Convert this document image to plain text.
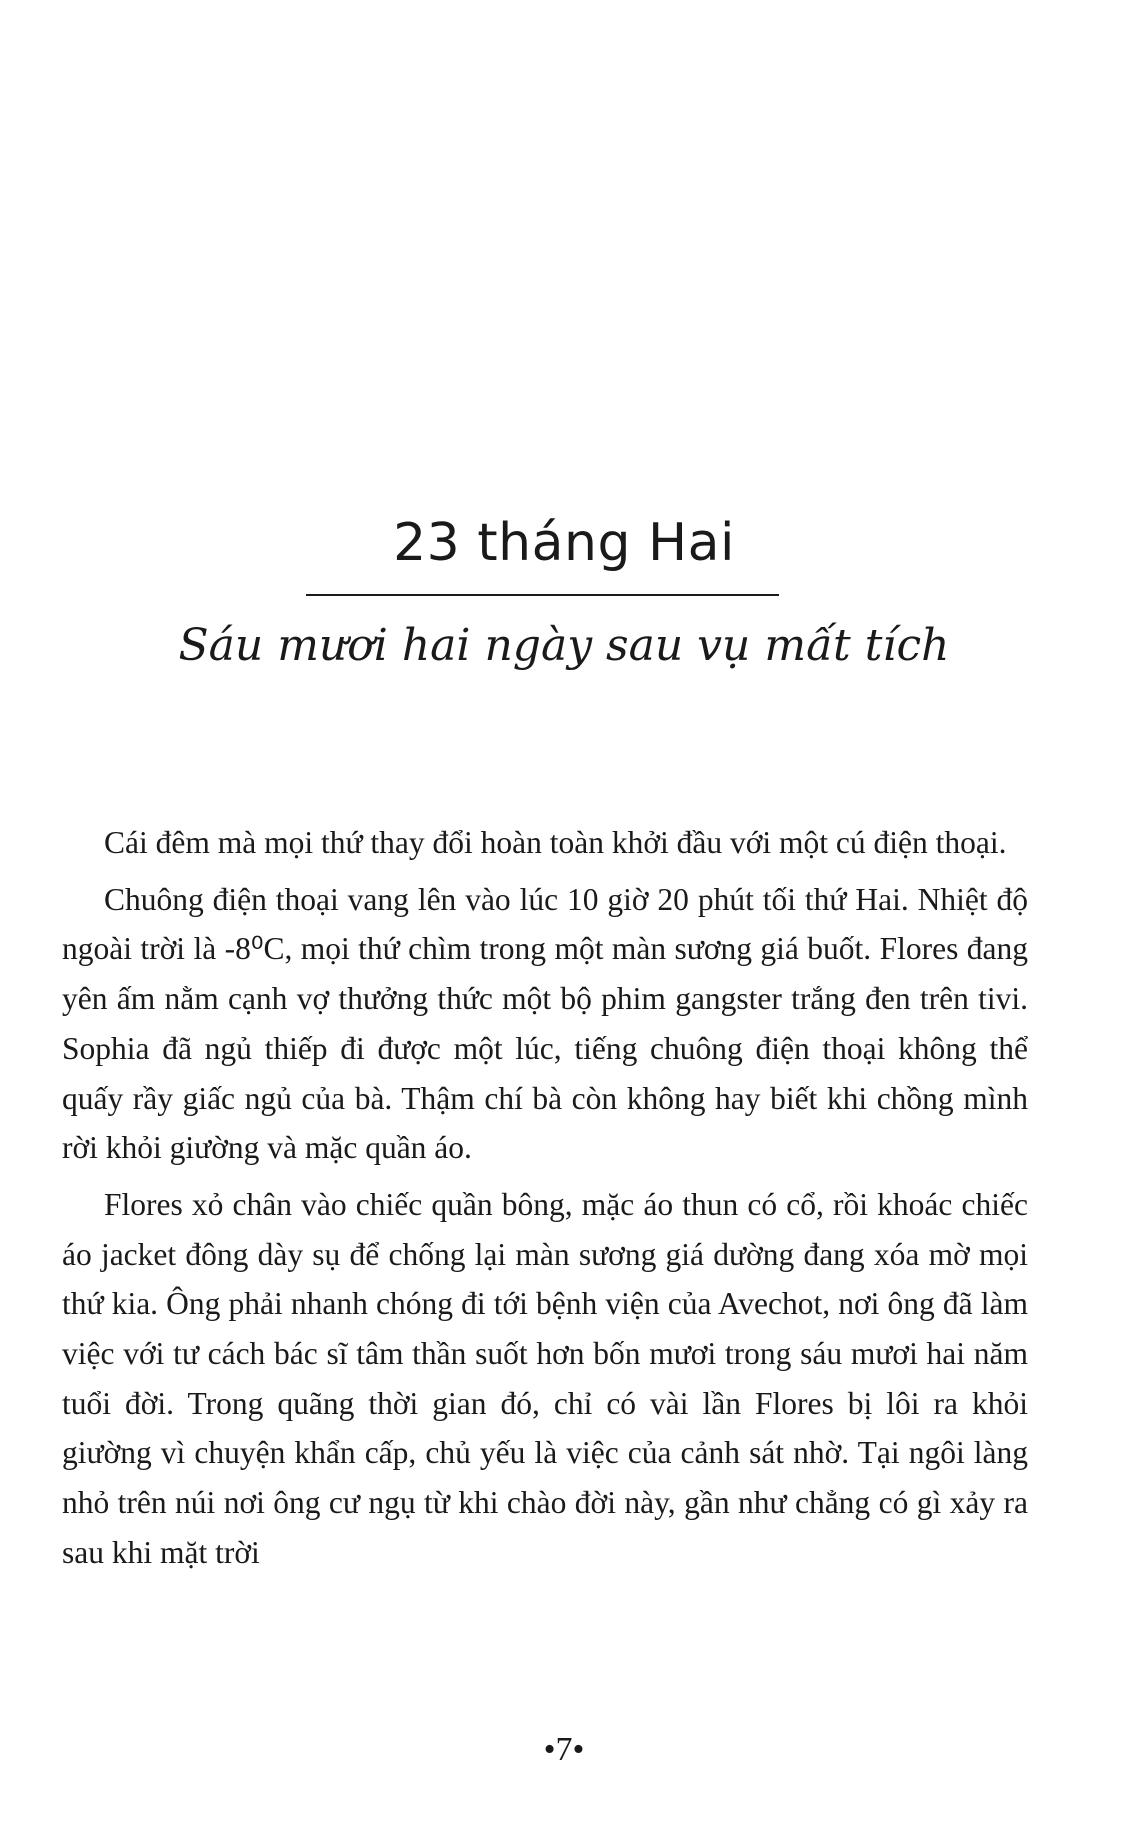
23 tháng Hai
Sáu mươi hai ngày sau vụ mất tích

Cái đêm mà mọi thứ thay đổi hoàn toàn khởi đầu với một cú điện thoại.

Chuông điện thoại vang lên vào lúc 10 giờ 20 phút tối thứ Hai. Nhiệt độ ngoài trời là -8⁰C, mọi thứ chìm trong một màn sương giá buốt. Flores đang yên ấm nằm cạnh vợ thưởng thức một bộ phim gangster trắng đen trên tivi. Sophia đã ngủ thiếp đi được một lúc, tiếng chuông điện thoại không thể quấy rầy giấc ngủ của bà. Thậm chí bà còn không hay biết khi chồng mình rời khỏi giường và mặc quần áo.

Flores xỏ chân vào chiếc quần bông, mặc áo thun có cổ, rồi khoác chiếc áo jacket đông dày sụ để chống lại màn sương giá dường đang xóa mờ mọi thứ kia. Ông phải nhanh chóng đi tới bệnh viện của Avechot, nơi ông đã làm việc với tư cách bác sĩ tâm thần suốt hơn bốn mươi trong sáu mươi hai năm tuổi đời. Trong quãng thời gian đó, chỉ có vài lần Flores bị lôi ra khỏi giường vì chuyện khẩn cấp, chủ yếu là việc của cảnh sát nhờ. Tại ngôi làng nhỏ trên núi nơi ông cư ngụ từ khi chào đời này, gần như chẳng có gì xảy ra sau khi mặt trời

•7•
